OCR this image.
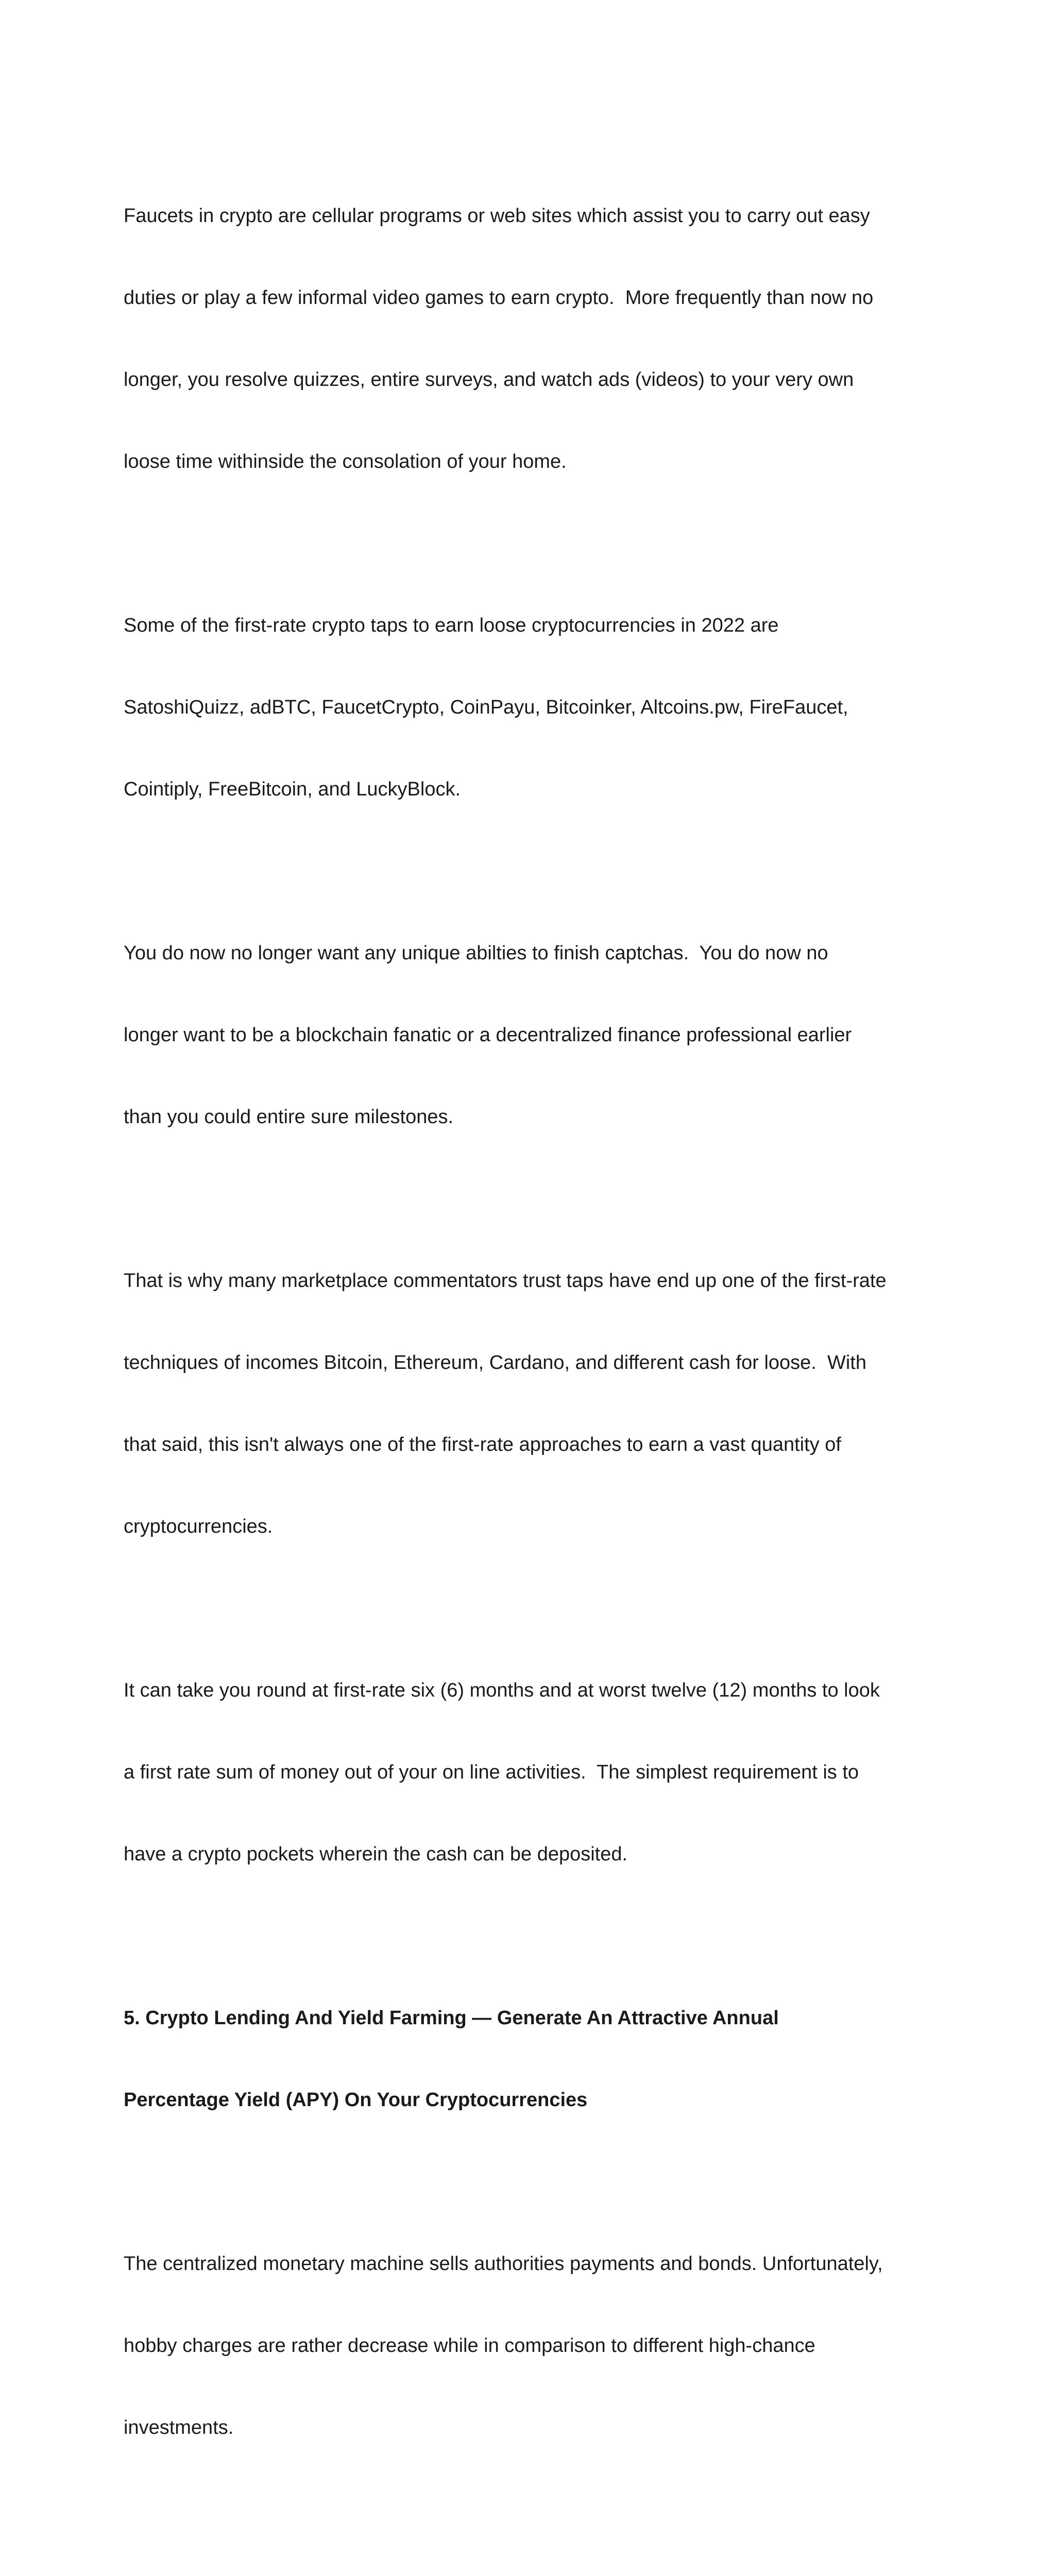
Faucets in crypto are cellular programs or web sites which assist you to carry out easy

duties or play a few informal video games to earn crypto.  More frequently than now no

longer, you resolve quizzes, entire surveys, and watch ads (videos) to your very own

loose time withinside the consolation of your home.

Some of the first-rate crypto taps to earn loose cryptocurrencies in 2022 are

SatoshiQuizz, adBTC, FaucetCrypto, CoinPayu, Bitcoinker, Altcoins.pw, FireFaucet,

Cointiply, FreeBitcoin, and LuckyBlock.

You do now no longer want any unique abilties to finish captchas.  You do now no

longer want to be a blockchain fanatic or a decentralized finance professional earlier

than you could entire sure milestones.

That is why many marketplace commentators trust taps have end up one of the first-rate

techniques of incomes Bitcoin, Ethereum, Cardano, and different cash for loose.  With

that said, this isn't always one of the first-rate approaches to earn a vast quantity of

cryptocurrencies.

It can take you round at first-rate six (6) months and at worst twelve (12) months to look

a first rate sum of money out of your on line activities.  The simplest requirement is to

have a crypto pockets wherein the cash can be deposited.

5. Crypto Lending And Yield Farming — Generate An Attractive Annual

Percentage Yield (APY) On Your Cryptocurrencies

The centralized monetary machine sells authorities payments and bonds. Unfortunately,

hobby charges are rather decrease while in comparison to different high-chance

investments.
